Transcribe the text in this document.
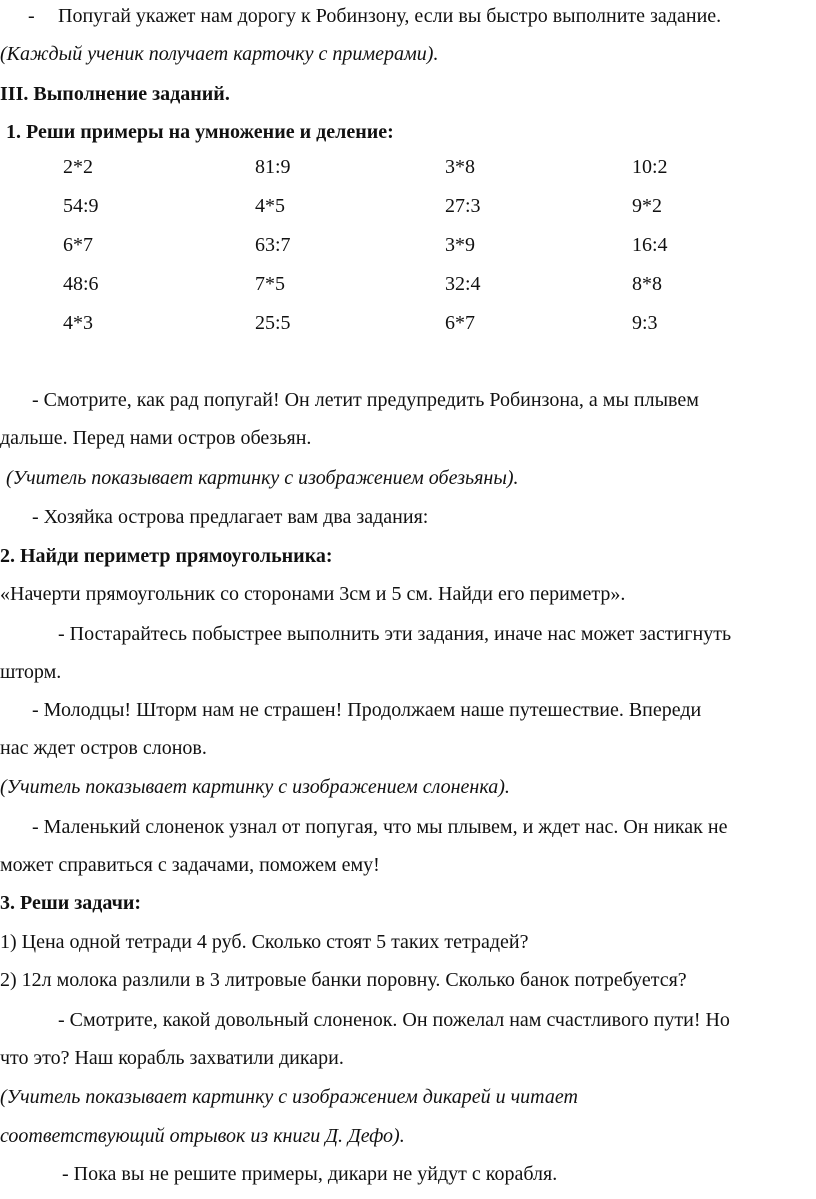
- Попугай укажет нам дорогу к Робинзону, если вы быстро выполните задание.
(Каждый ученик получает карточку с примерами).
III. Выполнение заданий.
1. Реши примеры на умножение и деление:
2*2	81:9	3*8	10:2
54:9	4*5	27:3	9*2
6*7	63:7	3*9	16:4
48:6	7*5	32:4	8*8
4*3	25:5	6*7	9:3
- Смотрите, как рад попугай! Он летит предупредить Робинзона, а мы плывем
дальше. Перед нами остров обезьян.
(Учитель показывает картинку с изображением обезьяны).
- Хозяйка острова предлагает вам два задания:
2. Найди периметр прямоугольника:
«Начерти прямоугольник со сторонами 3см и 5 см. Найди его периметр».
- Постарайтесь побыстрее выполнить эти задания, иначе нас может застигнуть
шторм.
- Молодцы! Шторм нам не страшен! Продолжаем наше путешествие. Впереди
нас ждет остров слонов.
(Учитель показывает картинку с изображением слоненка).
- Маленький слоненок узнал от попугая, что мы плывем, и ждет нас. Он никак не
может справиться с задачами, поможем ему!
3. Реши задачи:
1) Цена одной тетради 4 руб. Сколько стоят 5 таких тетрадей?
2) 12л молока разлили в 3 литровые банки поровну. Сколько банок потребуется?
- Смотрите, какой довольный слоненок. Он пожелал нам счастливого пути! Но
что это? Наш корабль захватили дикари.
(Учитель показывает картинку с изображением дикарей и читает
соответствующий отрывок из книги Д. Дефо).
- Пока вы не решите примеры, дикари не уйдут с корабля.
